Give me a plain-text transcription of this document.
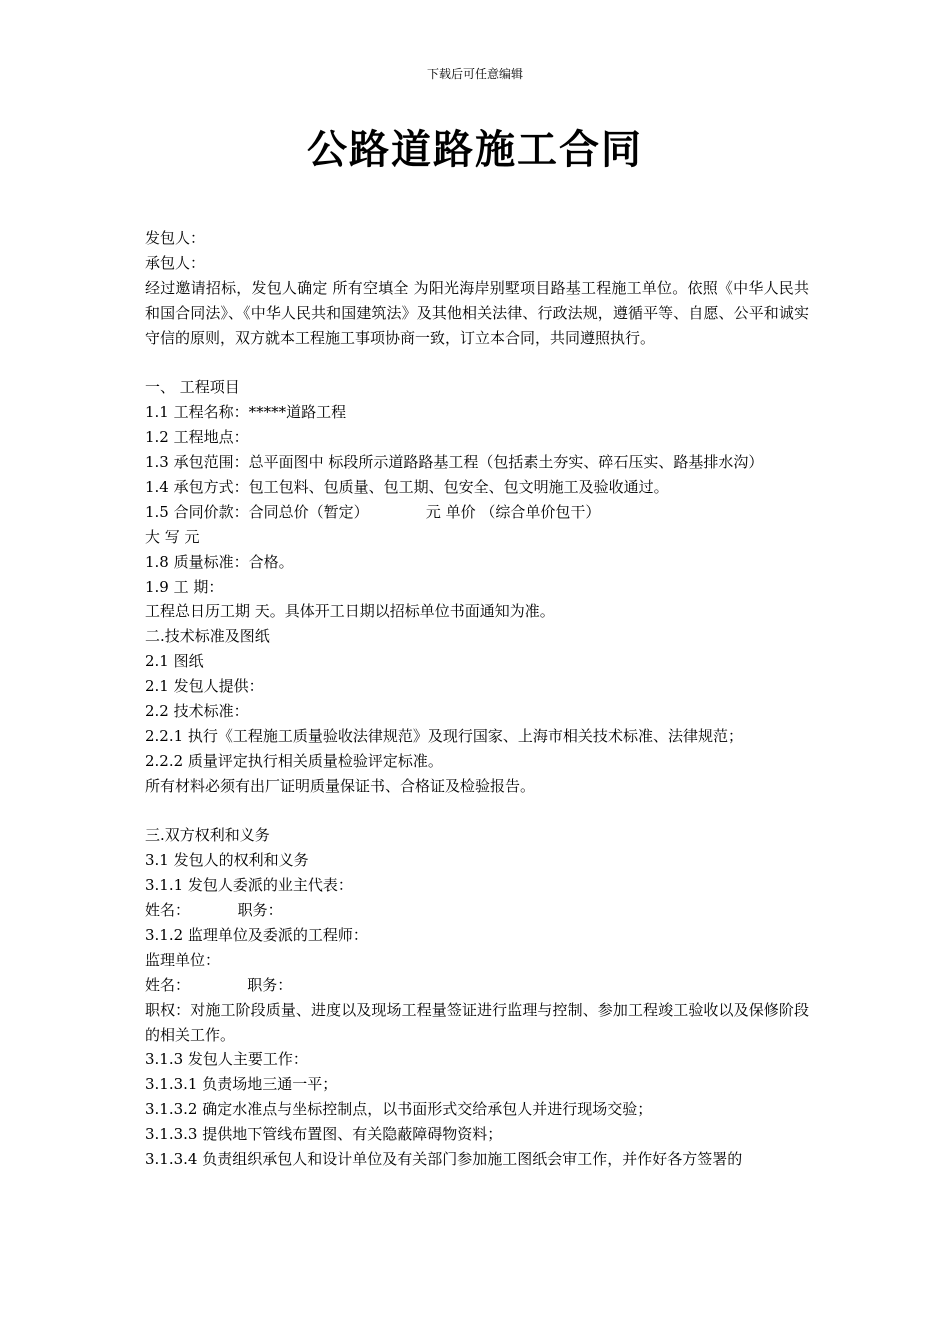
下载后可任意编辑
公路道路施工合同
发包人：
承包人：
经过邀请招标，发包人确定 所有空填全 为阳光海岸别墅项目路基工程施工单位。依照《中华人民共和国合同法》、《中华人民共和国建筑法》及其他相关法律、行政法规，遵循平等、自愿、公平和诚实守信的原则，双方就本工程施工事项协商一致，订立本合同，共同遵照执行。
一、 工程项目
1.1 工程名称：*****道路工程
1.2 工程地点：
1.3 承包范围：总平面图中 标段所示道路路基工程（包括素土夯实、碎石压实、路基排水沟）
1.4 承包方式：包工包料、包质量、包工期、包安全、包文明施工及验收通过。
1.5 合同价款：合同总价（暂定）            元 单价 （综合单价包干）
大 写 元
1.8 质量标准：合格。
1.9 工 期：
工程总日历工期 天。具体开工日期以招标单位书面通知为准。
二.技术标准及图纸
2.1 图纸
2.1 发包人提供：
2.2 技术标准：
2.2.1 执行《工程施工质量验收法律规范》及现行国家、上海市相关技术标准、法律规范；
2.2.2 质量评定执行相关质量检验评定标准。
所有材料必须有出厂证明质量保证书、合格证及检验报告。
三.双方权利和义务
3.1 发包人的权利和义务
3.1.1 发包人委派的业主代表：
姓名：          职务：
3.1.2 监理单位及委派的工程师：
监理单位：
姓名：            职务：
职权：对施工阶段质量、进度以及现场工程量签证进行监理与控制、参加工程竣工验收以及保修阶段的相关工作。
3.1.3 发包人主要工作：
3.1.3.1 负责场地三通一平；
3.1.3.2 确定水准点与坐标控制点，以书面形式交给承包人并进行现场交验；
3.1.3.3 提供地下管线布置图、有关隐蔽障碍物资料；
3.1.3.4 负责组织承包人和设计单位及有关部门参加施工图纸会审工作，并作好各方签署的
